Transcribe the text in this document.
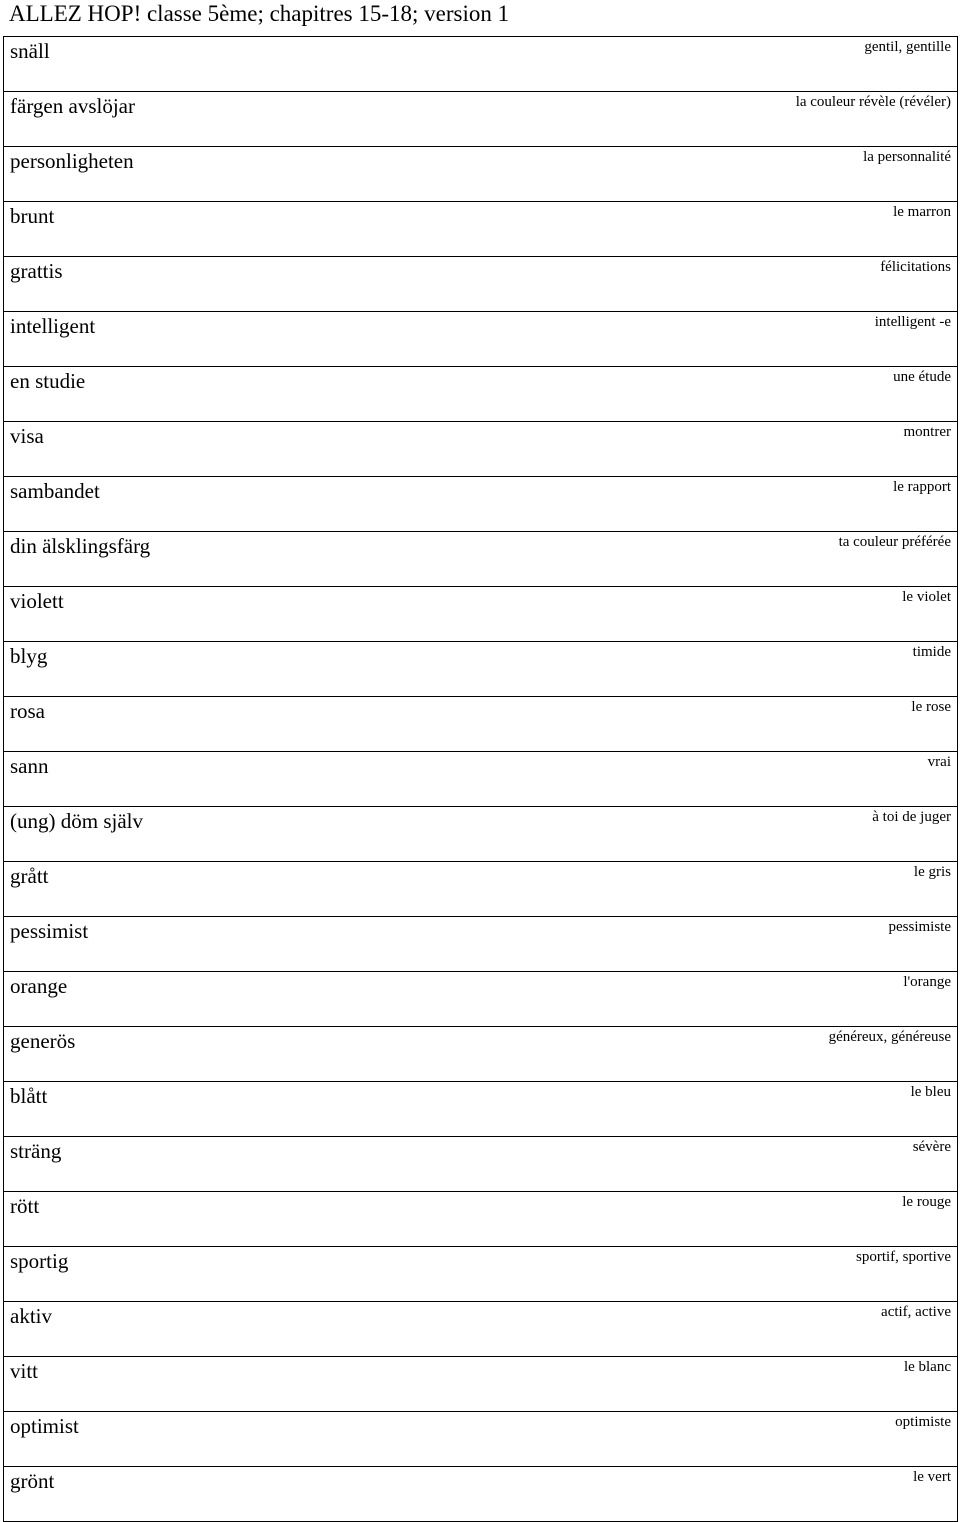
ALLEZ HOP! classe 5ème; chapitres 15-18; version 1
snäll	gentil, gentille
färgen avslöjar	la couleur révèle (révéler)
personligheten	la personnalité
brunt	le marron
grattis	félicitations
intelligent	intelligent -e
en studie	une étude
visa	montrer
sambandet	le rapport
din älsklingsfärg	ta couleur préférée
violett	le violet
blyg	timide
rosa	le rose
sann	vrai
(ung) döm själv	à toi de juger
grått	le gris
pessimist	pessimiste
orange	l'orange
generös	généreux, généreuse
blått	le bleu
sträng	sévère
rött	le rouge
sportig	sportif, sportive
aktiv	actif, active
vitt	le blanc
optimist	optimiste
grönt	le vert
